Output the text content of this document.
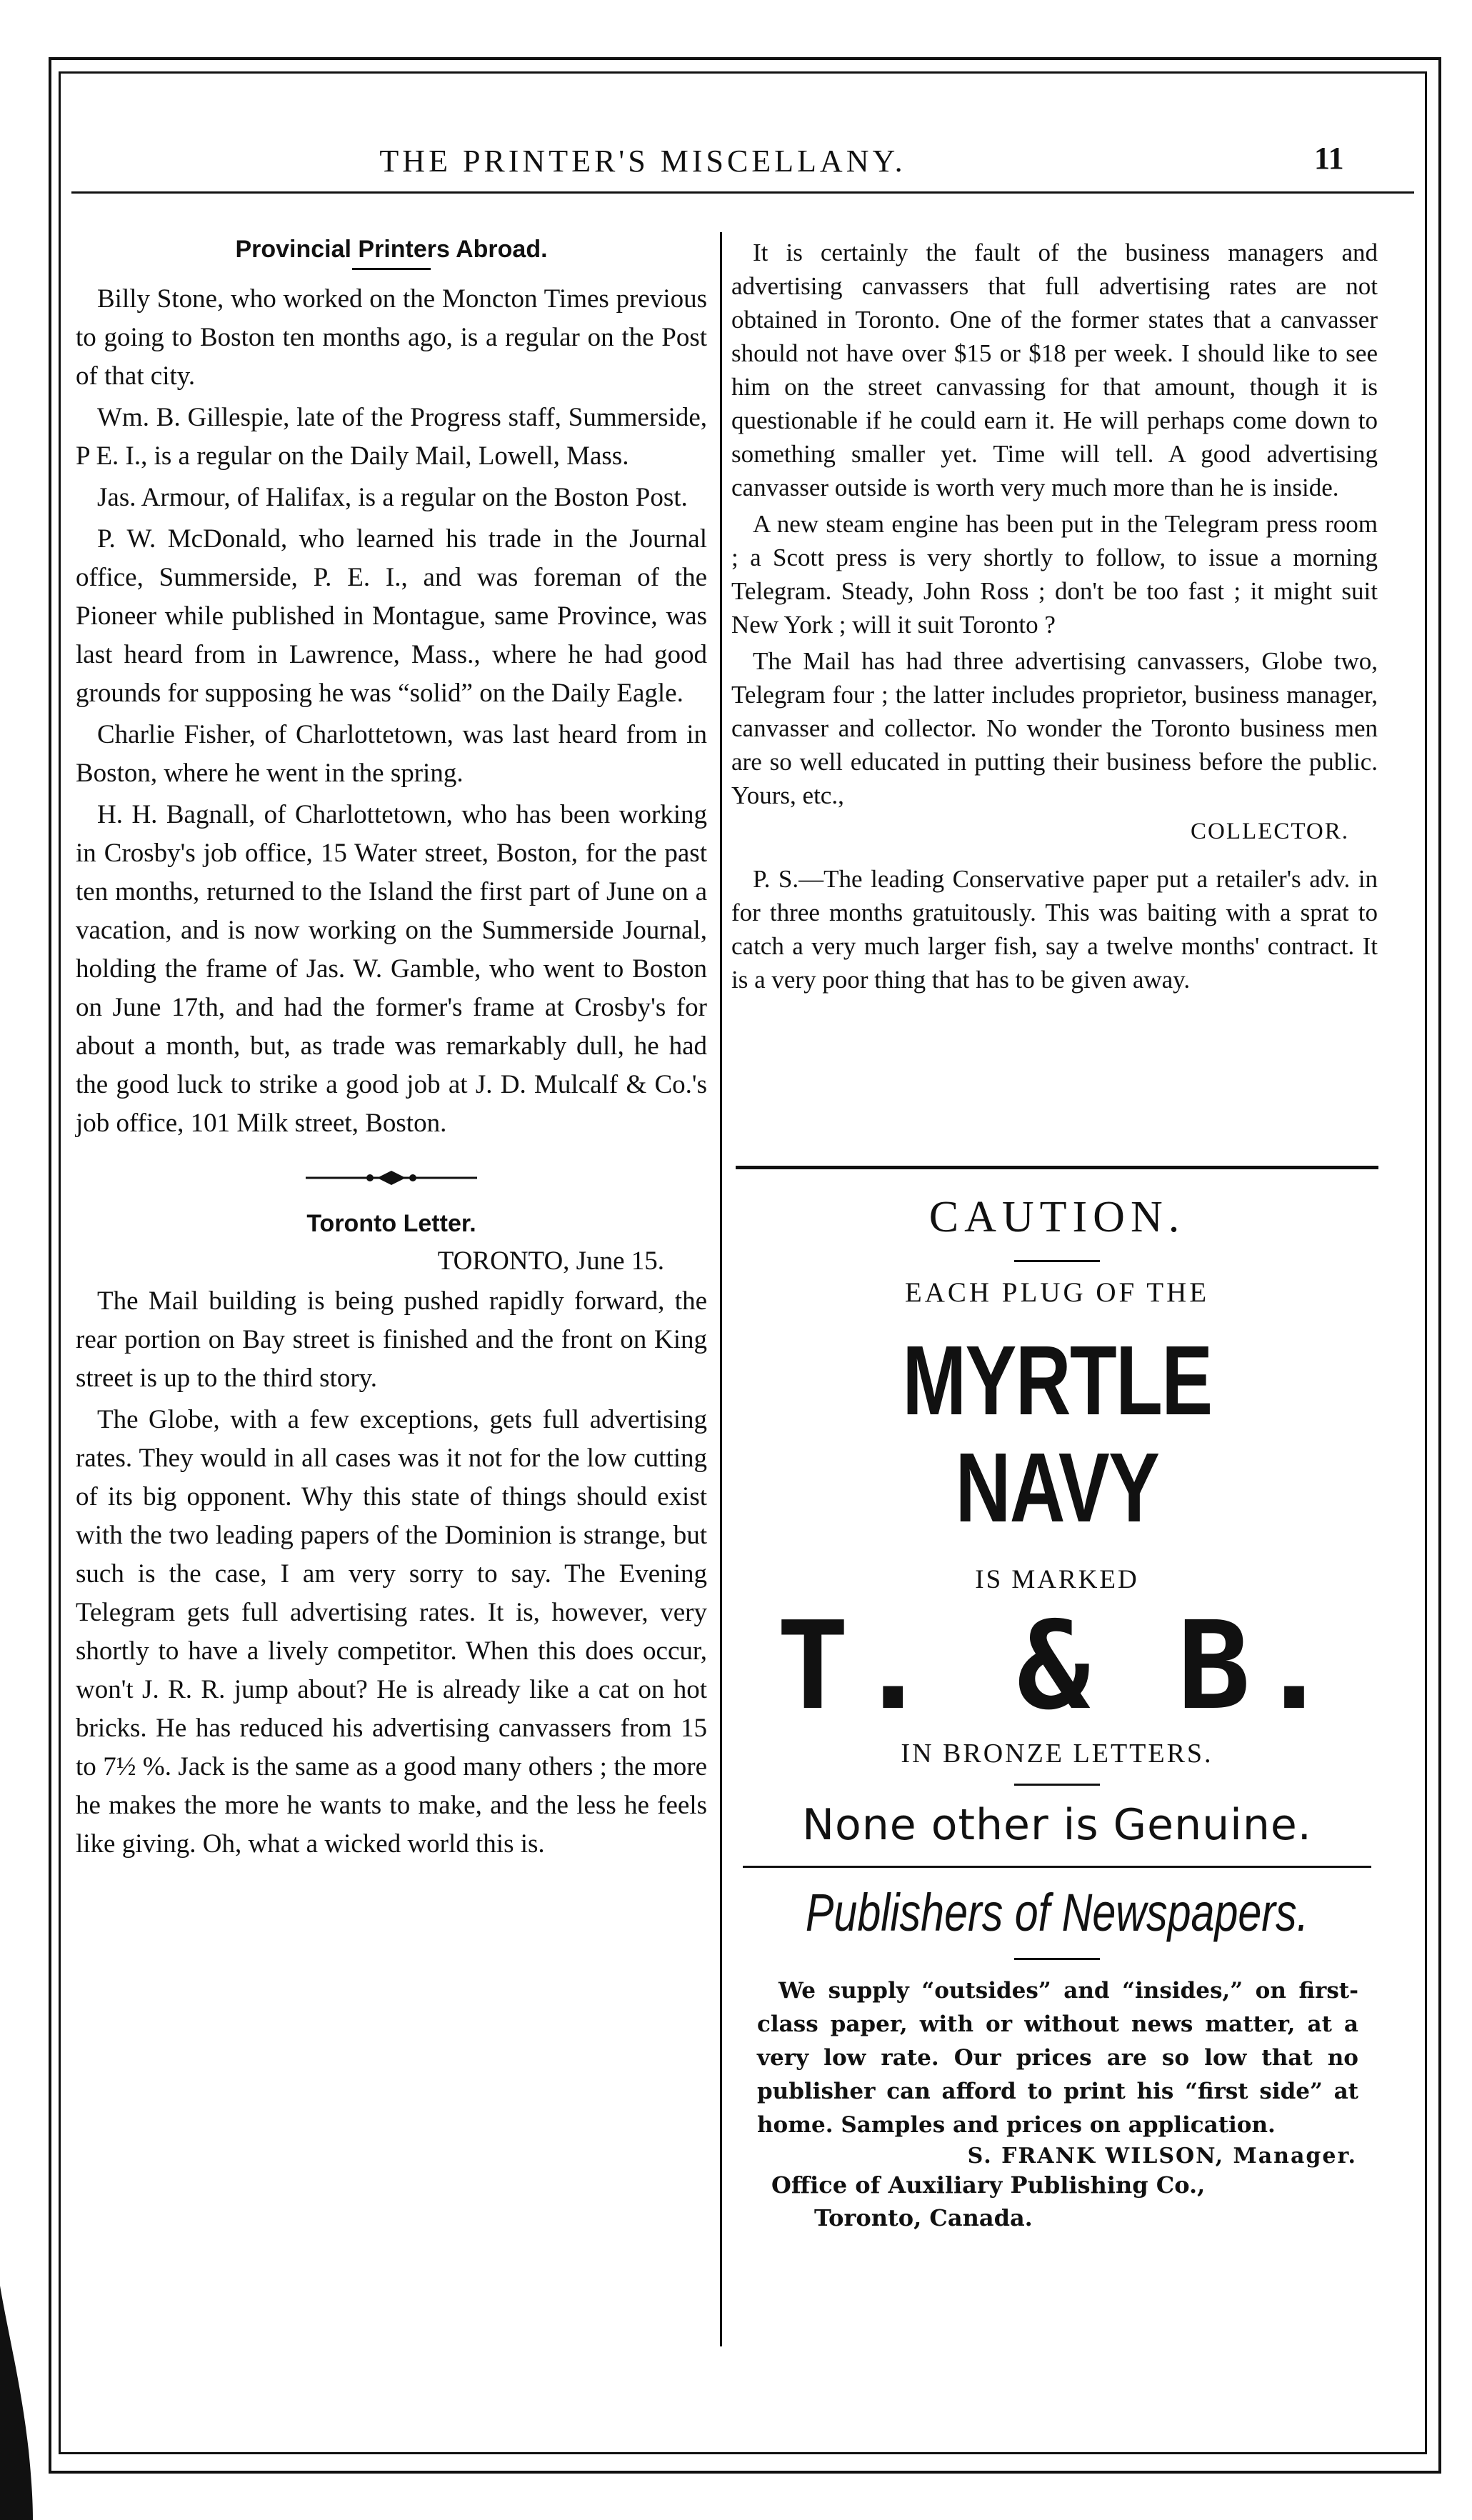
THE PRINTER'S MISCELLANY.	11
Provincial Printers Abroad.

Billy Stone, who worked on the Moncton Times previous to going to Boston ten months ago, is a regular on the Post of that city.

Wm. B. Gillespie, late of the Progress staff, Summerside, P E. I., is a regular on the Daily Mail, Lowell, Mass.

Jas. Armour, of Halifax, is a regular on the Boston Post.

P. W. McDonald, who learned his trade in the Journal office, Summerside, P. E. I., and was foreman of the Pioneer while published in Montague, same Province, was last heard from in Lawrence, Mass., where he had good grounds for supposing he was “solid” on the Daily Eagle.

Charlie Fisher, of Charlottetown, was last heard from in Boston, where he went in the spring.

H. H. Bagnall, of Charlottetown, who has been working in Crosby's job office, 15 Water street, Boston, for the past ten months, returned to the Island the first part of June on a vacation, and is now working on the Summerside Journal, holding the frame of Jas. W. Gamble, who went to Boston on June 17th, and had the former's frame at Crosby's for about a month, but, as trade was remarkably dull, he had the good luck to strike a good job at J. D. Mulcalf & Co.'s job office, 101 Milk street, Boston.

Toronto Letter.

TORONTO, June 15.

The Mail building is being pushed rapidly forward, the rear portion on Bay street is finished and the front on King street is up to the third story.

The Globe, with a few exceptions, gets full advertising rates. They would in all cases was it not for the low cutting of its big opponent. Why this state of things should exist with the two leading papers of the Dominion is strange, but such is the case, I am very sorry to say. The Evening Telegram gets full advertising rates. It is, however, very shortly to have a lively competitor. When this does occur, won't J. R. R. jump about? He is already like a cat on hot bricks. He has reduced his advertising canvassers from 15 to 7½ %. Jack is the same as a good many others ; the more he makes the more he wants to make, and the less he feels like giving. Oh, what a wicked world this is.

It is certainly the fault of the business managers and advertising canvassers that full advertising rates are not obtained in Toronto. One of the former states that a canvasser should not have over $15 or $18 per week. I should like to see him on the street canvassing for that amount, though it is questionable if he could earn it. He will perhaps come down to something smaller yet. Time will tell. A good advertising canvasser outside is worth very much more than he is inside.

A new steam engine has been put in the Telegram press room ; a Scott press is very shortly to follow, to issue a morning Telegram. Steady, John Ross ; don't be too fast ; it might suit New York ; will it suit Toronto ?

The Mail has had three advertising canvassers, Globe two, Telegram four ; the latter includes proprietor, business manager, canvasser and collector. No wonder the Toronto business men are so well educated in putting their business before the public. Yours, etc.,

COLLECTOR.

P. S.—The leading Conservative paper put a retailer's adv. in for three months gratuitously. This was baiting with a sprat to catch a very much larger fish, say a twelve months' contract. It is a very poor thing that has to be given away.

CAUTION.
EACH PLUG OF THE
MYRTLE NAVY
IS MARKED
T. & B.
IN BRONZE LETTERS.
None other is Genuine.
Publishers of Newspapers.
We supply “outsides” and “insides,” on first-class paper, with or without news matter, at a very low rate. Our prices are so low that no publisher can afford to print his “first side” at home. Samples and prices on application.
S. FRANK WILSON, Manager.
Office of Auxiliary Publishing Co.,
Toronto, Canada.
